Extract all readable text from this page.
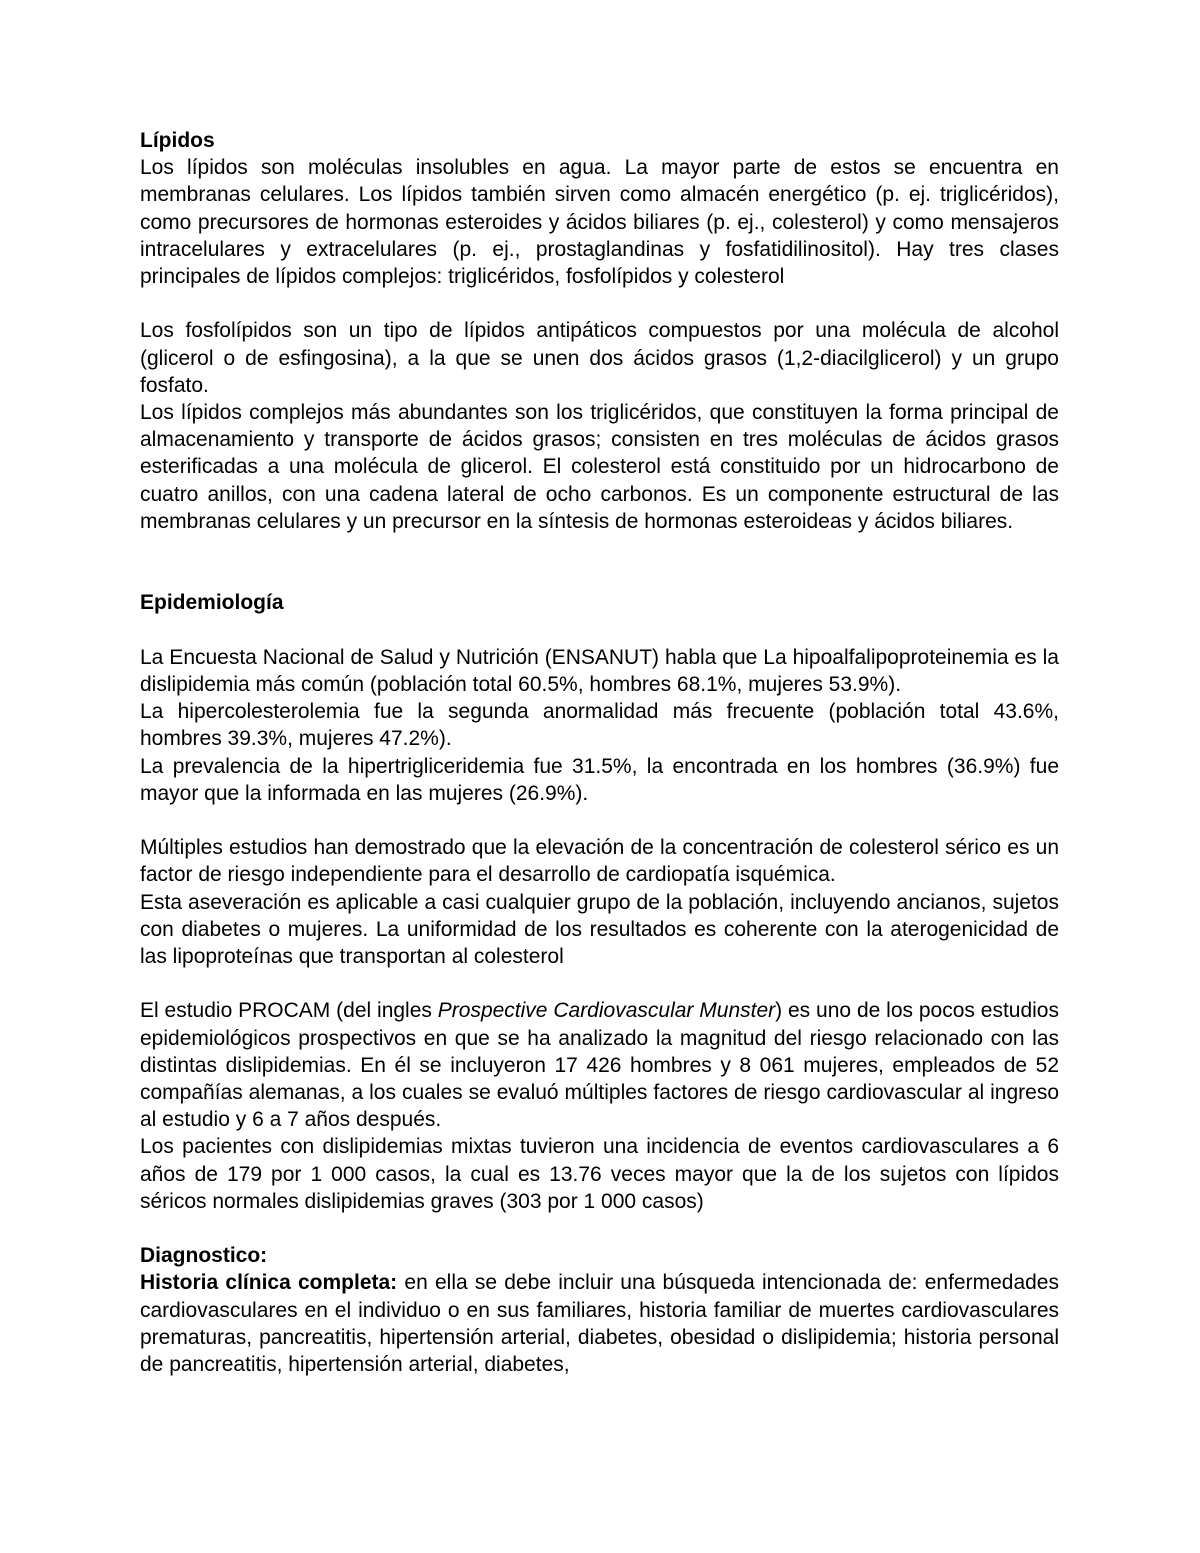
Lípidos

Los lípidos son moléculas insolubles en agua. La mayor parte de estos se encuentra en membranas celulares. Los lípidos también sirven como almacén energético (p. ej. triglicéridos), como precursores de hormonas esteroides y ácidos biliares (p. ej., colesterol) y como mensajeros intracelulares y extracelulares (p. ej., prostaglandinas y fosfatidilinositol). Hay tres clases principales de lípidos complejos: triglicéridos, fosfolípidos y colesterol

Los fosfolípidos son un tipo de lípidos antipáticos compuestos por una molécula de alcohol (glicerol o de esfingosina), a la que se unen dos ácidos grasos (1,2-diacilglicerol) y un grupo fosfato.

Los lípidos complejos más abundantes son los triglicéridos, que constituyen la forma principal de almacenamiento y transporte de ácidos grasos; consisten en tres moléculas de ácidos grasos esterificadas a una molécula de glicerol. El colesterol está constituido por un hidrocarbono de cuatro anillos, con una cadena lateral de ocho carbonos. Es un componente estructural de las membranas celulares y un precursor en la síntesis de hormonas esteroideas y ácidos biliares.

Epidemiología

La Encuesta Nacional de Salud y Nutrición (ENSANUT) habla que La hipoalfalipoproteinemia es la dislipidemia más común (población total 60.5%, hombres 68.1%, mujeres 53.9%).

La hipercolesterolemia fue la segunda anormalidad más frecuente (población total 43.6%, hombres 39.3%, mujeres 47.2%).

La prevalencia de la hipertrigliceridemia fue 31.5%, la encontrada en los hombres (36.9%) fue mayor que la informada en las mujeres (26.9%).

Múltiples estudios han demostrado que la elevación de la concentración de colesterol sérico es un factor de riesgo independiente para el desarrollo de cardiopatía isquémica.

Esta aseveración es aplicable a casi cualquier grupo de la población, incluyendo ancianos, sujetos con diabetes o mujeres. La uniformidad de los resultados es coherente con la aterogenicidad de las lipoproteínas que transportan al colesterol

El estudio PROCAM (del ingles Prospective Cardiovascular Munster) es uno de los pocos estudios epidemiológicos prospectivos en que se ha analizado la magnitud del riesgo relacionado con las distintas dislipidemias. En él se incluyeron 17 426 hombres y 8 061 mujeres, empleados de 52 compañías alemanas, a los cuales se evaluó múltiples factores de riesgo cardiovascular al ingreso al estudio y 6 a 7 años después.

Los pacientes con dislipidemias mixtas tuvieron una incidencia de eventos cardiovasculares a 6 años de 179 por 1 000 casos, la cual es 13.76 veces mayor que la de los sujetos con lípidos séricos normales dislipidemias graves (303 por 1 000 casos)

Diagnostico:

Historia clínica completa: en ella se debe incluir una búsqueda intencionada de: enfermedades cardiovasculares en el individuo o en sus familiares, historia familiar de muertes cardiovasculares prematuras, pancreatitis, hipertensión arterial, diabetes, obesidad o dislipidemia; historia personal de pancreatitis, hipertensión arterial, diabetes,
